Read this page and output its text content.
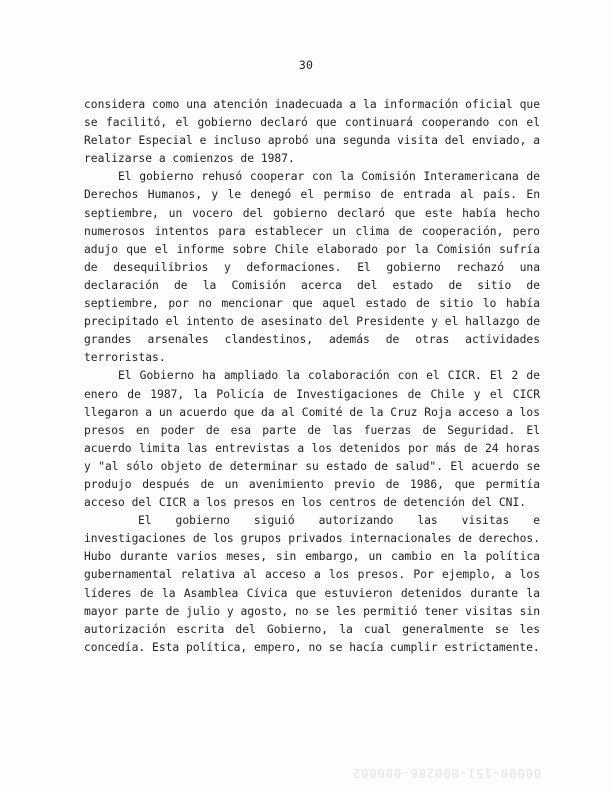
30

considera como una atención inadecuada a la información oficial que se facilitó, el gobierno declaró que continuará cooperando con el Relator Especial e incluso aprobó una segunda visita del enviado, a realizarse a comienzos de 1987.

El gobierno rehusó cooperar con la Comisión Interamericana de Derechos Humanos, y le denegó el permiso de entrada al país. En septiembre, un vocero del gobierno declaró que este había hecho numerosos intentos para establecer un clima de cooperación, pero adujo que el informe sobre Chile elaborado por la Comisión sufría de desequilibrios y deformaciones. El gobierno rechazó una declaración de la Comisión acerca del estado de sitio de septiembre, por no mencionar que aquel estado de sitio lo había precipitado el intento de asesinato del Presidente y el hallazgo de grandes arsenales clandestinos, además de otras actividades terroristas.

El Gobierno ha ampliado la colaboración con el CICR. El 2 de enero de 1987, la Policía de Investigaciones de Chile y el CICR llegaron a un acuerdo que da al Comité de la Cruz Roja acceso a los presos en poder de esa parte de las fuerzas de Seguridad. El acuerdo limita las entrevistas a los detenidos por más de 24 horas y "al sólo objeto de determinar su estado de salud". El acuerdo se produjo después de un avenimiento previo de 1986, que permitía acceso del CICR a los presos en los centros de detención del CNI.

El gobierno siguió autorizando las visitas e investigaciones de los grupos privados internacionales de derechos. Hubo durante varios meses, sin embargo, un cambio en la política gubernamental relativa al acceso a los presos. Por ejemplo, a los líderes de la Asamblea Cívica que estuvieron detenidos durante la mayor parte de julio y agosto, no se les permitió tener visitas sin autorización escrita del Gobierno, la cual generalmente se les concedía. Esta política, empero, no se hacía cumplir estrictamente.

00000-151-000286-000002
